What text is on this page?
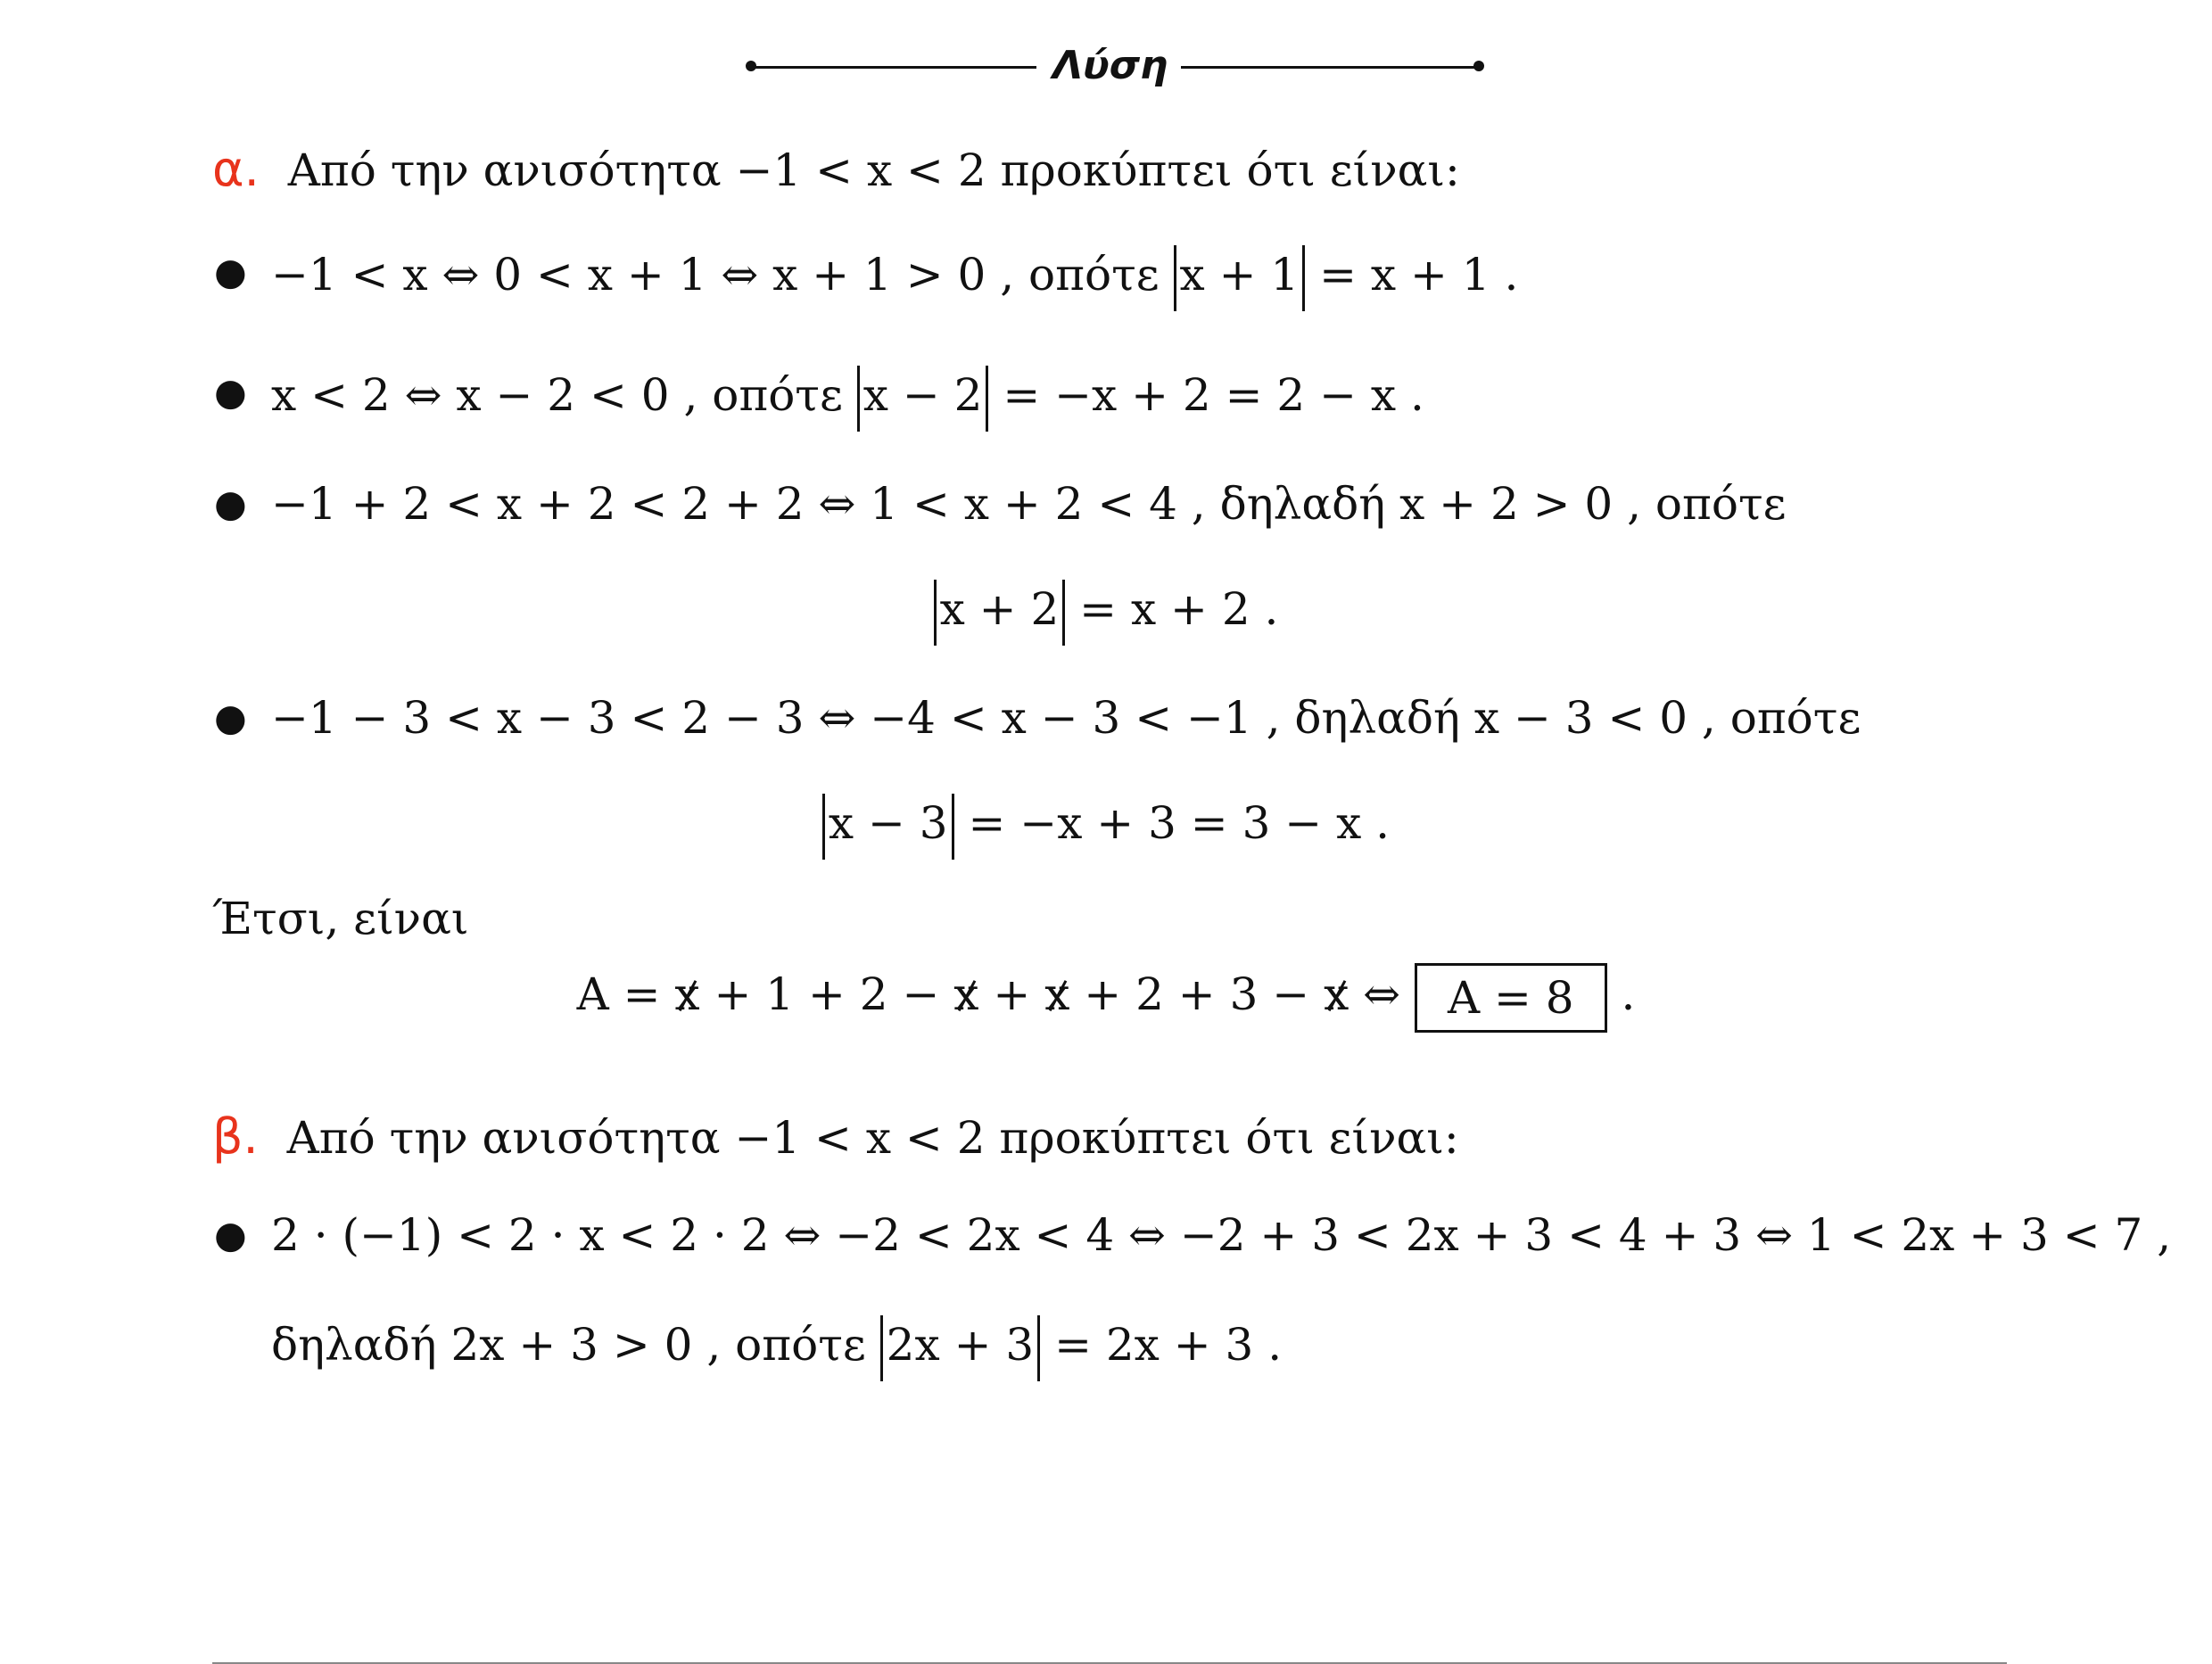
Λύση
α. Από την ανισότητα −1 < x < 2 προκύπτει ότι είναι:
● −1 < x ⇔ 0 < x + 1 ⇔ x + 1 > 0 , οπότε x + 1 = x + 1 .
● x < 2 ⇔ x − 2 < 0 , οπότε x − 2 = −x + 2 = 2 − x .
● −1 + 2 < x + 2 < 2 + 2 ⇔ 1 < x + 2 < 4 , δηλαδή x + 2 > 0 , οπότε
x + 2 = x + 2 .
● −1 − 3 < x − 3 < 2 − 3 ⇔ −4 < x − 3 < −1 , δηλαδή x − 3 < 0 , οπότε
x − 3 = −x + 3 = 3 − x .
Έτσι, είναι
A = x + 1 + 2 − x + x + 2 + 3 − x ⇔ A = 8 .
β. Από την ανισότητα −1 < x < 2 προκύπτει ότι είναι:
● 2 · (−1) < 2 · x < 2 · 2 ⇔ −2 < 2x < 4 ⇔ −2 + 3 < 2x + 3 < 4 + 3 ⇔ 1 < 2x + 3 < 7 ,
δηλαδή 2x + 3 > 0 , οπότε 2x + 3 = 2x + 3 .
